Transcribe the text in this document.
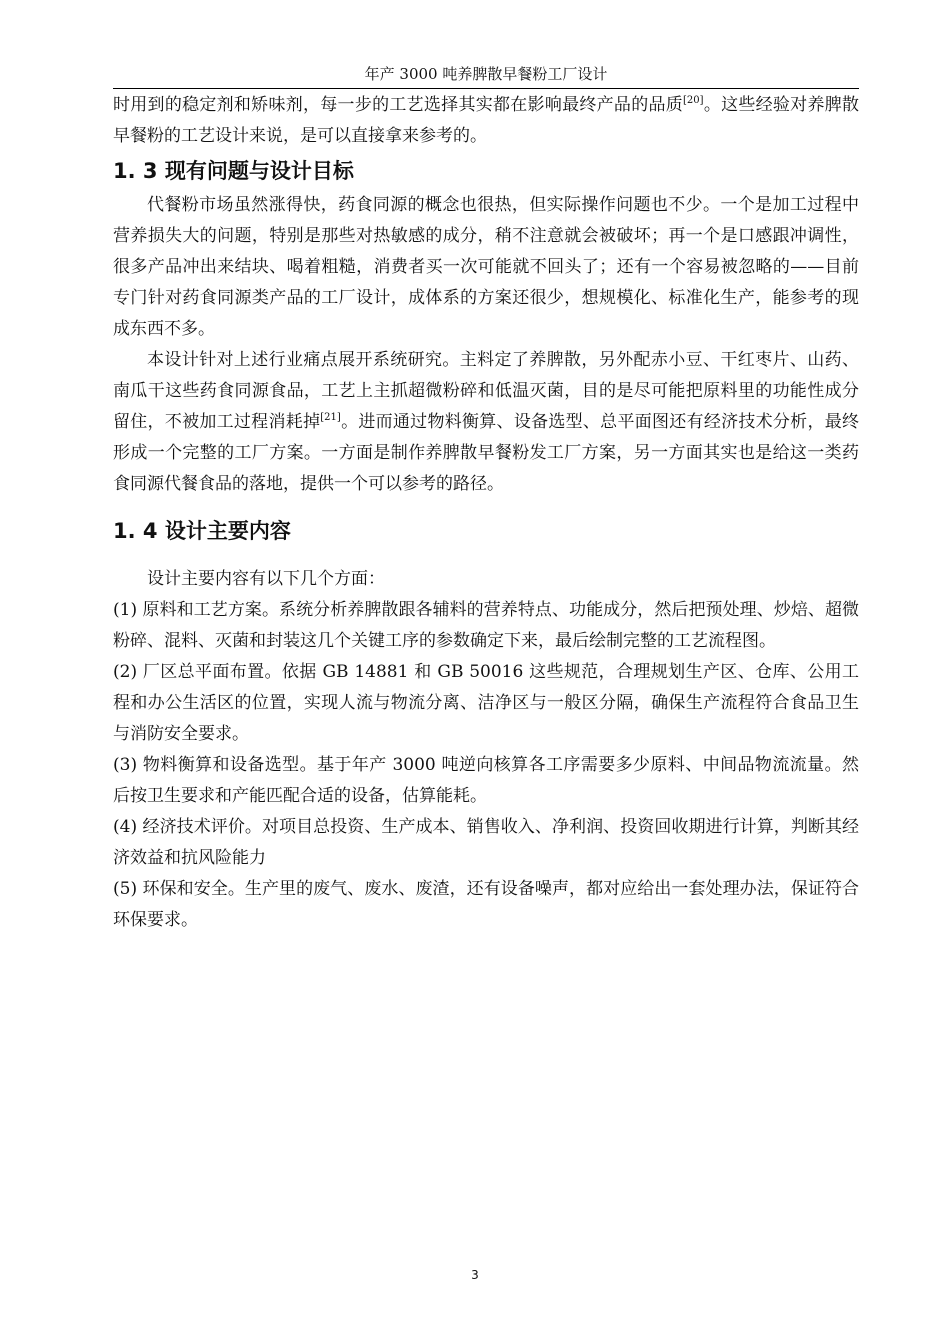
年产 3000 吨养脾散早餐粉工厂设计

时用到的稳定剂和矫味剂，每一步的工艺选择其实都在影响最终产品的品质[20]。这些经验对养脾散早餐粉的工艺设计来说，是可以直接拿来参考的。

1. 3 现有问题与设计目标

代餐粉市场虽然涨得快，药食同源的概念也很热，但实际操作问题也不少。一个是加工过程中营养损失大的问题，特别是那些对热敏感的成分，稍不注意就会被破坏；再一个是口感跟冲调性，很多产品冲出来结块、喝着粗糙，消费者买一次可能就不回头了；还有一个容易被忽略的——目前专门针对药食同源类产品的工厂设计，成体系的方案还很少，想规模化、标准化生产，能参考的现成东西不多。

本设计针对上述行业痛点展开系统研究。主料定了养脾散，另外配赤小豆、干红枣片、山药、南瓜干这些药食同源食品，工艺上主抓超微粉碎和低温灭菌，目的是尽可能把原料里的功能性成分留住，不被加工过程消耗掉[21]。进而通过物料衡算、设备选型、总平面图还有经济技术分析，最终形成一个完整的工厂方案。一方面是制作养脾散早餐粉发工厂方案，另一方面其实也是给这一类药食同源代餐食品的落地，提供一个可以参考的路径。

1. 4 设计主要内容

设计主要内容有以下几个方面：

(1) 原料和工艺方案。系统分析养脾散跟各辅料的营养特点、功能成分，然后把预处理、炒焙、超微粉碎、混料、灭菌和封装这几个关键工序的参数确定下来，最后绘制完整的工艺流程图。

(2) 厂区总平面布置。依据 GB 14881 和 GB 50016 这些规范，合理规划生产区、仓库、公用工程和办公生活区的位置，实现人流与物流分离、洁净区与一般区分隔，确保生产流程符合食品卫生与消防安全要求。

(3) 物料衡算和设备选型。基于年产 3000 吨逆向核算各工序需要多少原料、中间品物流流量。然后按卫生要求和产能匹配合适的设备，估算能耗。

(4) 经济技术评价。对项目总投资、生产成本、销售收入、净利润、投资回收期进行计算，判断其经济效益和抗风险能力

(5) 环保和安全。生产里的废气、废水、废渣，还有设备噪声，都对应给出一套处理办法，保证符合环保要求。

3
